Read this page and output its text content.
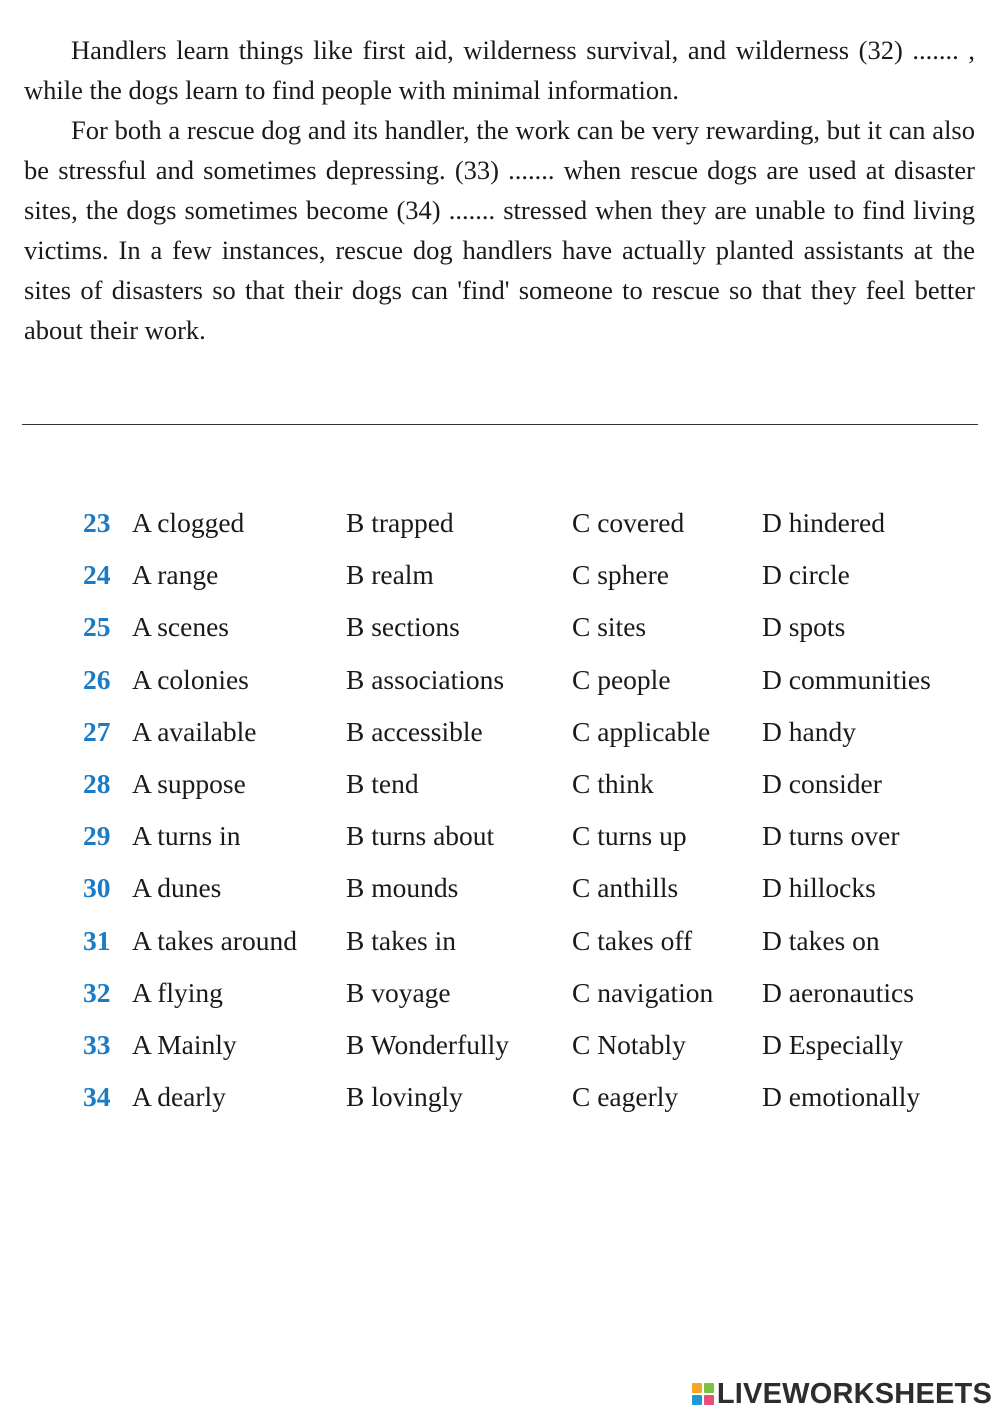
Handlers learn things like first aid, wilderness survival, and wilderness (32) ....... , while the dogs learn to find people with minimal information.

For both a rescue dog and its handler, the work can be very rewarding, but it can also be stressful and sometimes depressing. (33) ....... when rescue dogs are used at disaster sites, the dogs sometimes become (34) ....... stressed when they are unable to find living victims. In a few instances, rescue dog handlers have actually planted assistants at the sites of disasters so that their dogs can 'find' someone to rescue so that they feel better about their work.

23 A clogged	B trapped	C covered	D hindered
24 A range	B realm	C sphere	D circle
25 A scenes	B sections	C sites	D spots
26 A colonies	B associations C people	D communities
27 A available	B accessible	C applicable D handy
28 A suppose	B tend	C think	D consider
29 A turns in	B turns about	C turns up	D turns over
30 A dunes	B mounds	C anthills	D hillocks
31 A takes around B takes in	C takes off	D takes on
32 A flying	B voyage	C navigation D aeronautics
33 A Mainly	B Wonderfully C Notably	D Especially
34 A dearly	B lovingly	C eagerly	D emotionally
LIVEWORKSHEETS
